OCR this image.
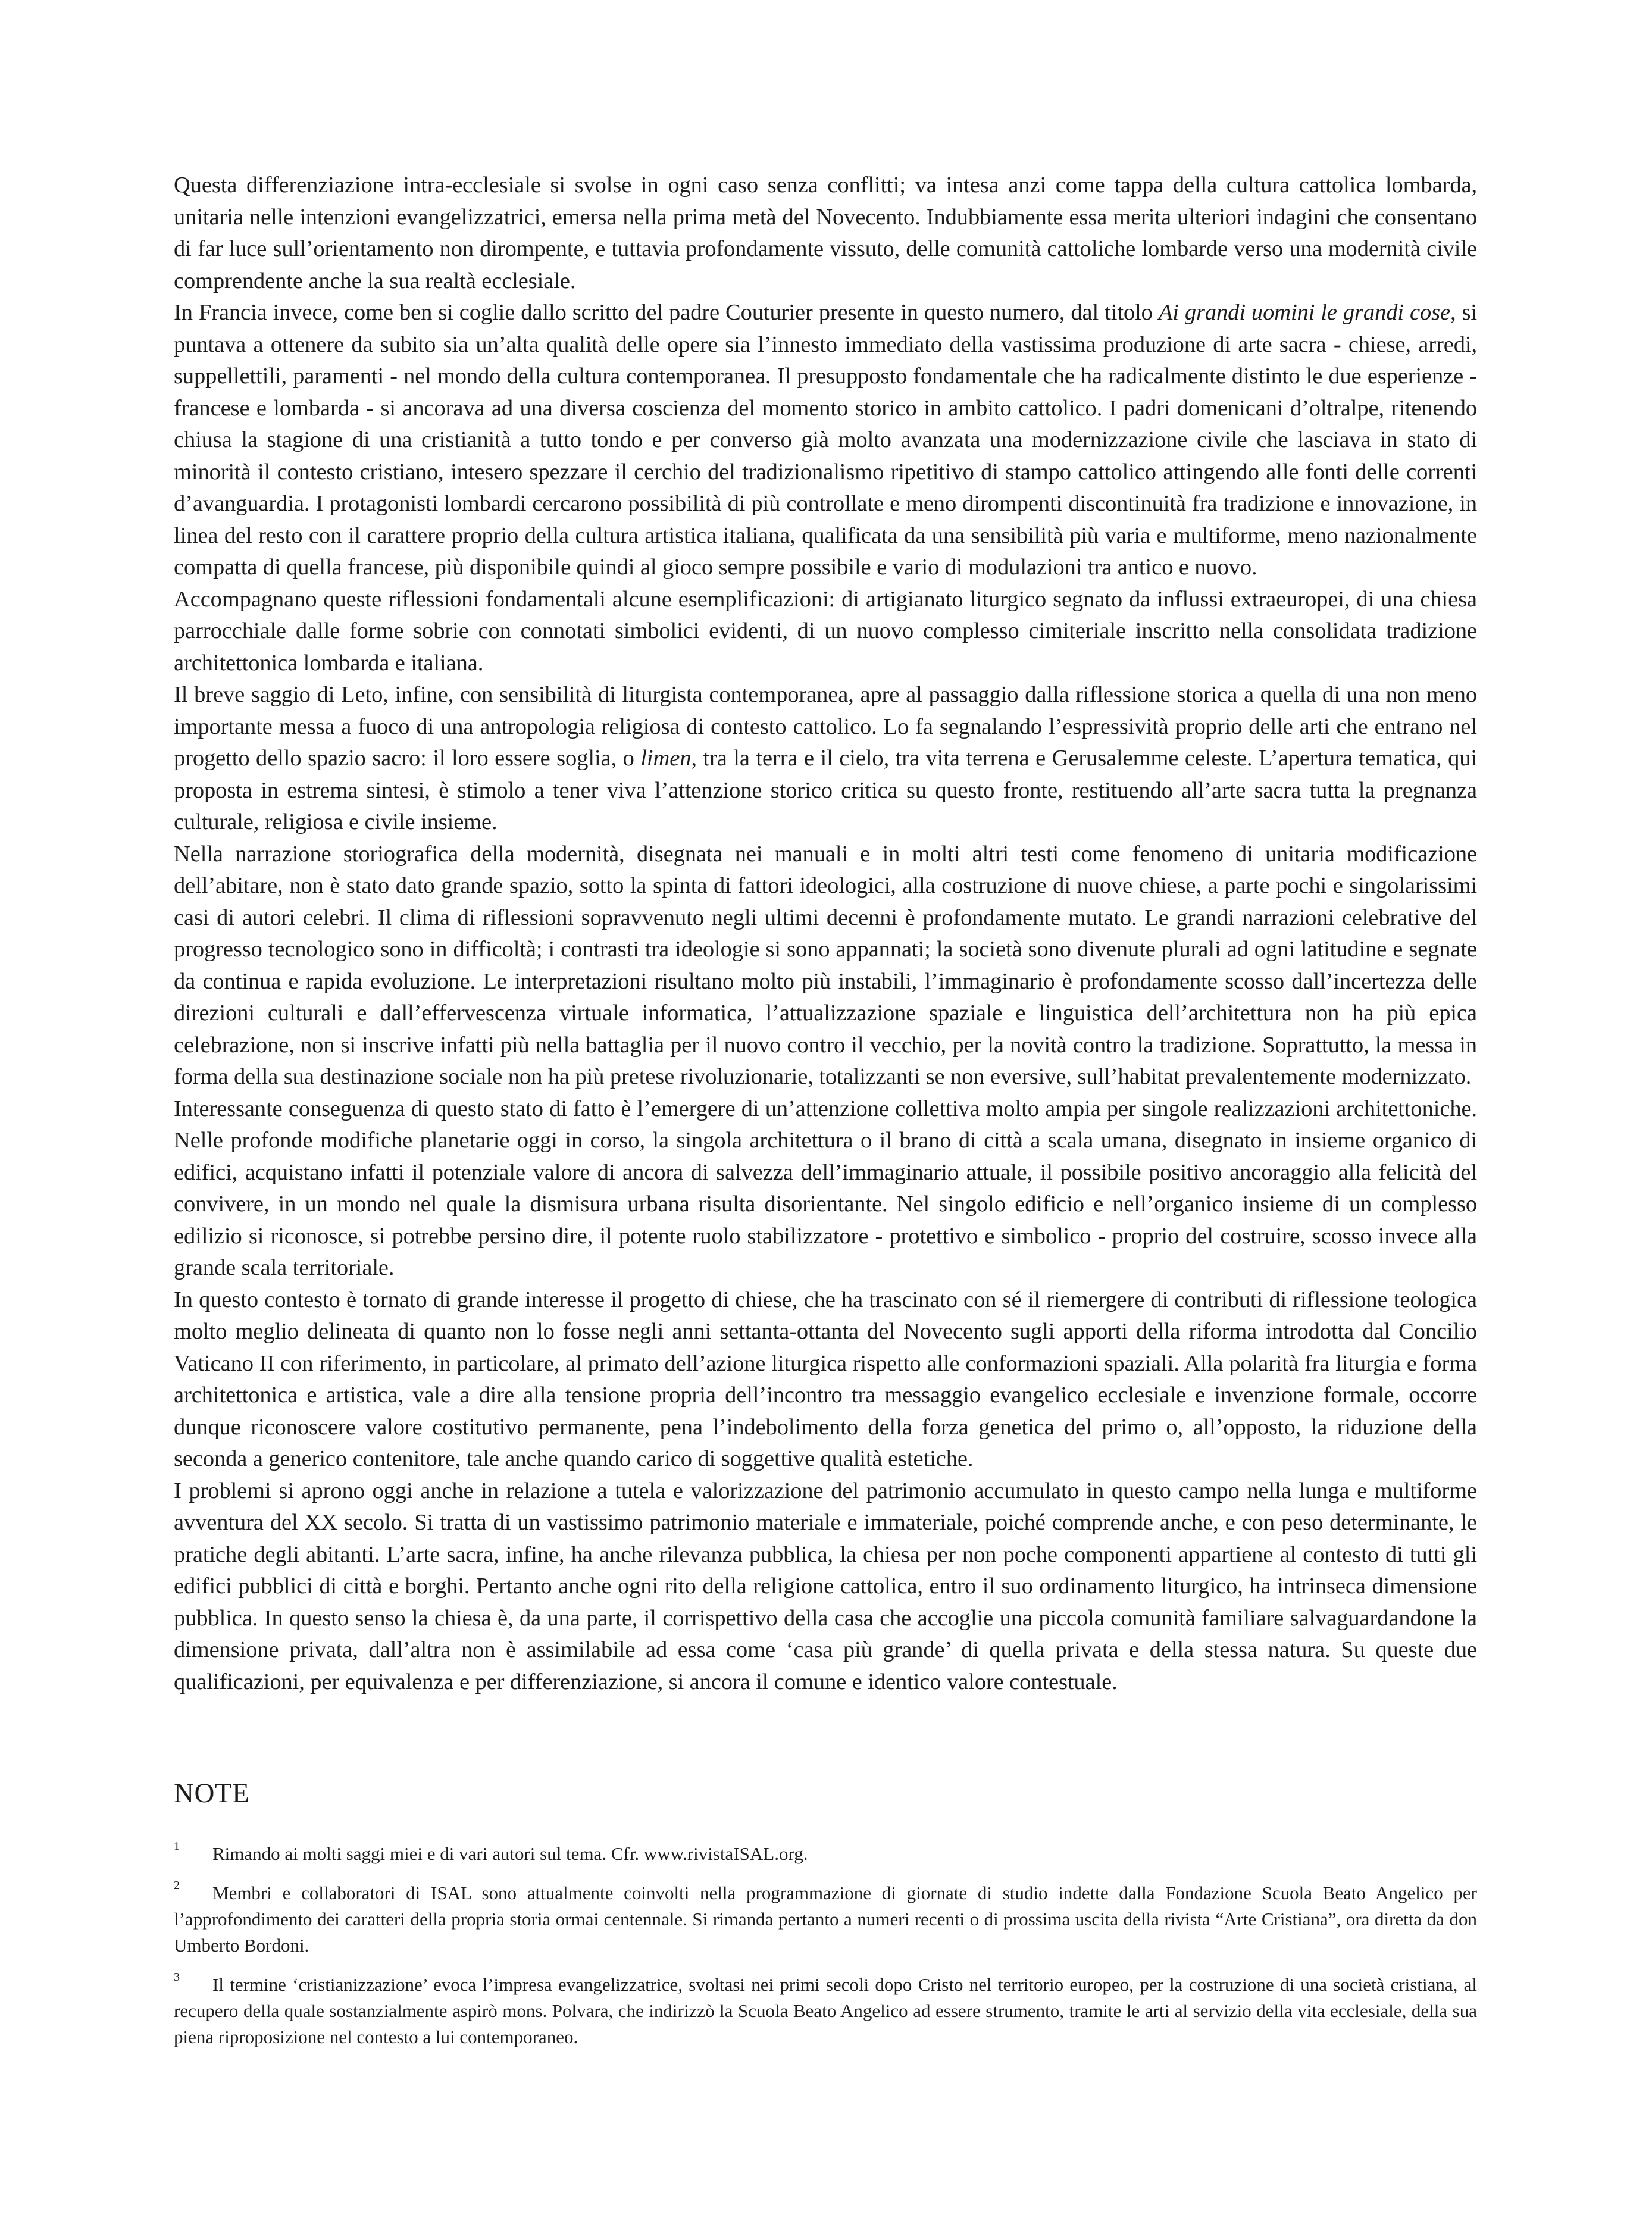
Questa differenziazione intra-ecclesiale si svolse in ogni caso senza conflitti; va intesa anzi come tappa della cultura cattolica lombarda, unitaria nelle intenzioni evangelizzatrici, emersa nella prima metà del Novecento. Indubbiamente essa merita ulteriori indagini che consentano di far luce sull’orientamento non dirompente, e tuttavia profondamente vissuto, delle comunità cattoliche lombarde verso una modernità civile comprendente anche la sua realtà ecclesiale.

In Francia invece, come ben si coglie dallo scritto del padre Couturier presente in questo numero, dal titolo Ai grandi uomini le grandi cose, si puntava a ottenere da subito sia un’alta qualità delle opere sia l’innesto immediato della vastissima produzione di arte sacra - chiese, arredi, suppellettili, paramenti - nel mondo della cultura contemporanea. Il presupposto fondamentale che ha radicalmente distinto le due esperienze - francese e lombarda - si ancorava ad una diversa coscienza del momento storico in ambito cattolico. I padri domenicani d’oltralpe, ritenendo chiusa la stagione di una cristianità a tutto tondo e per converso già molto avanzata una modernizzazione civile che lasciava in stato di minorità il contesto cristiano, intesero spezzare il cerchio del tradizionalismo ripetitivo di stampo cattolico attingendo alle fonti delle correnti d’avanguardia. I protagonisti lombardi cercarono possibilità di più controllate e meno dirompenti discontinuità fra tradizione e innovazione, in linea del resto con il carattere proprio della cultura artistica italiana, qualificata da una sensibilità più varia e multiforme, meno nazionalmente compatta di quella francese, più disponibile quindi al gioco sempre possibile e vario di modulazioni tra antico e nuovo.

Accompagnano queste riflessioni fondamentali alcune esemplificazioni: di artigianato liturgico segnato da influssi extraeuropei, di una chiesa parrocchiale dalle forme sobrie con connotati simbolici evidenti, di un nuovo complesso cimiteriale inscritto nella consolidata tradizione architettonica lombarda e italiana.

Il breve saggio di Leto, infine, con sensibilità di liturgista contemporanea, apre al passaggio dalla riflessione storica a quella di una non meno importante messa a fuoco di una antropologia religiosa di contesto cattolico. Lo fa segnalando l’espressività proprio delle arti che entrano nel progetto dello spazio sacro: il loro essere soglia, o limen, tra la terra e il cielo, tra vita terrena e Gerusalemme celeste. L’apertura tematica, qui proposta in estrema sintesi, è stimolo a tener viva l’attenzione storico critica su questo fronte, restituendo all’arte sacra tutta la pregnanza culturale, religiosa e civile insieme.

Nella narrazione storiografica della modernità, disegnata nei manuali e in molti altri testi come fenomeno di unitaria modificazione dell’abitare, non è stato dato grande spazio, sotto la spinta di fattori ideologici, alla costruzione di nuove chiese, a parte pochi e singolarissimi casi di autori celebri. Il clima di riflessioni sopravvenuto negli ultimi decenni è profondamente mutato. Le grandi narrazioni celebrative del progresso tecnologico sono in difficoltà; i contrasti tra ideologie si sono appannati; la società sono divenute plurali ad ogni latitudine e segnate da continua e rapida evoluzione. Le interpretazioni risultano molto più instabili, l’immaginario è profondamente scosso dall’incertezza delle direzioni culturali e dall’effervescenza virtuale informatica, l’attualizzazione spaziale e linguistica dell’architettura non ha più epica celebrazione, non si inscrive infatti più nella battaglia per il nuovo contro il vecchio, per la novità contro la tradizione. Soprattutto, la messa in forma della sua destinazione sociale non ha più pretese rivoluzionarie, totalizzanti se non eversive, sull’habitat prevalentemente modernizzato.

Interessante conseguenza di questo stato di fatto è l’emergere di un’attenzione collettiva molto ampia per singole realizzazioni architettoniche. Nelle profonde modifiche planetarie oggi in corso, la singola architettura o il brano di città a scala umana, disegnato in insieme organico di edifici, acquistano infatti il potenziale valore di ancora di salvezza dell’immaginario attuale, il possibile positivo ancoraggio alla felicità del convivere, in un mondo nel quale la dismisura urbana risulta disorientante. Nel singolo edificio e nell’organico insieme di un complesso edilizio si riconosce, si potrebbe persino dire, il potente ruolo stabilizzatore - protettivo e simbolico - proprio del costruire, scosso invece alla grande scala territoriale.

In questo contesto è tornato di grande interesse il progetto di chiese, che ha trascinato con sé il riemergere di contributi di riflessione teologica molto meglio delineata di quanto non lo fosse negli anni settanta-ottanta del Novecento sugli apporti della riforma introdotta dal Concilio Vaticano II con riferimento, in particolare, al primato dell’azione liturgica rispetto alle conformazioni spaziali. Alla polarità fra liturgia e forma architettonica e artistica, vale a dire alla tensione propria dell’incontro tra messaggio evangelico ecclesiale e invenzione formale, occorre dunque riconoscere valore costitutivo permanente, pena l’indebolimento della forza genetica del primo o, all’opposto, la riduzione della seconda a generico contenitore, tale anche quando carico di soggettive qualità estetiche.

I problemi si aprono oggi anche in relazione a tutela e valorizzazione del patrimonio accumulato in questo campo nella lunga e multiforme avventura del XX secolo. Si tratta di un vastissimo patrimonio materiale e immateriale, poiché comprende anche, e con peso determinante, le pratiche degli abitanti. L’arte sacra, infine, ha anche rilevanza pubblica, la chiesa per non poche componenti appartiene al contesto di tutti gli edifici pubblici di città e borghi. Pertanto anche ogni rito della religione cattolica, entro il suo ordinamento liturgico, ha intrinseca dimensione pubblica. In questo senso la chiesa è, da una parte, il corrispettivo della casa che accoglie una piccola comunità familiare salvaguardandone la dimensione privata, dall’altra non è assimilabile ad essa come ‘casa più grande’ di quella privata e della stessa natura. Su queste due qualificazioni, per equivalenza e per differenziazione, si ancora il comune e identico valore contestuale.

NOTE

1 Rimando ai molti saggi miei e di vari autori sul tema. Cfr. www.rivistaISAL.org.

2 Membri e collaboratori di ISAL sono attualmente coinvolti nella programmazione di giornate di studio indette dalla Fondazione Scuola Beato Angelico per l’approfondimento dei caratteri della propria storia ormai centennale. Si rimanda pertanto a numeri recenti o di prossima uscita della rivista “Arte Cristiana”, ora diretta da don Umberto Bordoni.

3 Il termine ‘cristianizzazione’ evoca l’impresa evangelizzatrice, svoltasi nei primi secoli dopo Cristo nel territorio europeo, per la costruzione di una società cristiana, al recupero della quale sostanzialmente aspirò mons. Polvara, che indirizzò la Scuola Beato Angelico ad essere strumento, tramite le arti al servizio della vita ecclesiale, della sua piena riproposizione nel contesto a lui contemporaneo.
